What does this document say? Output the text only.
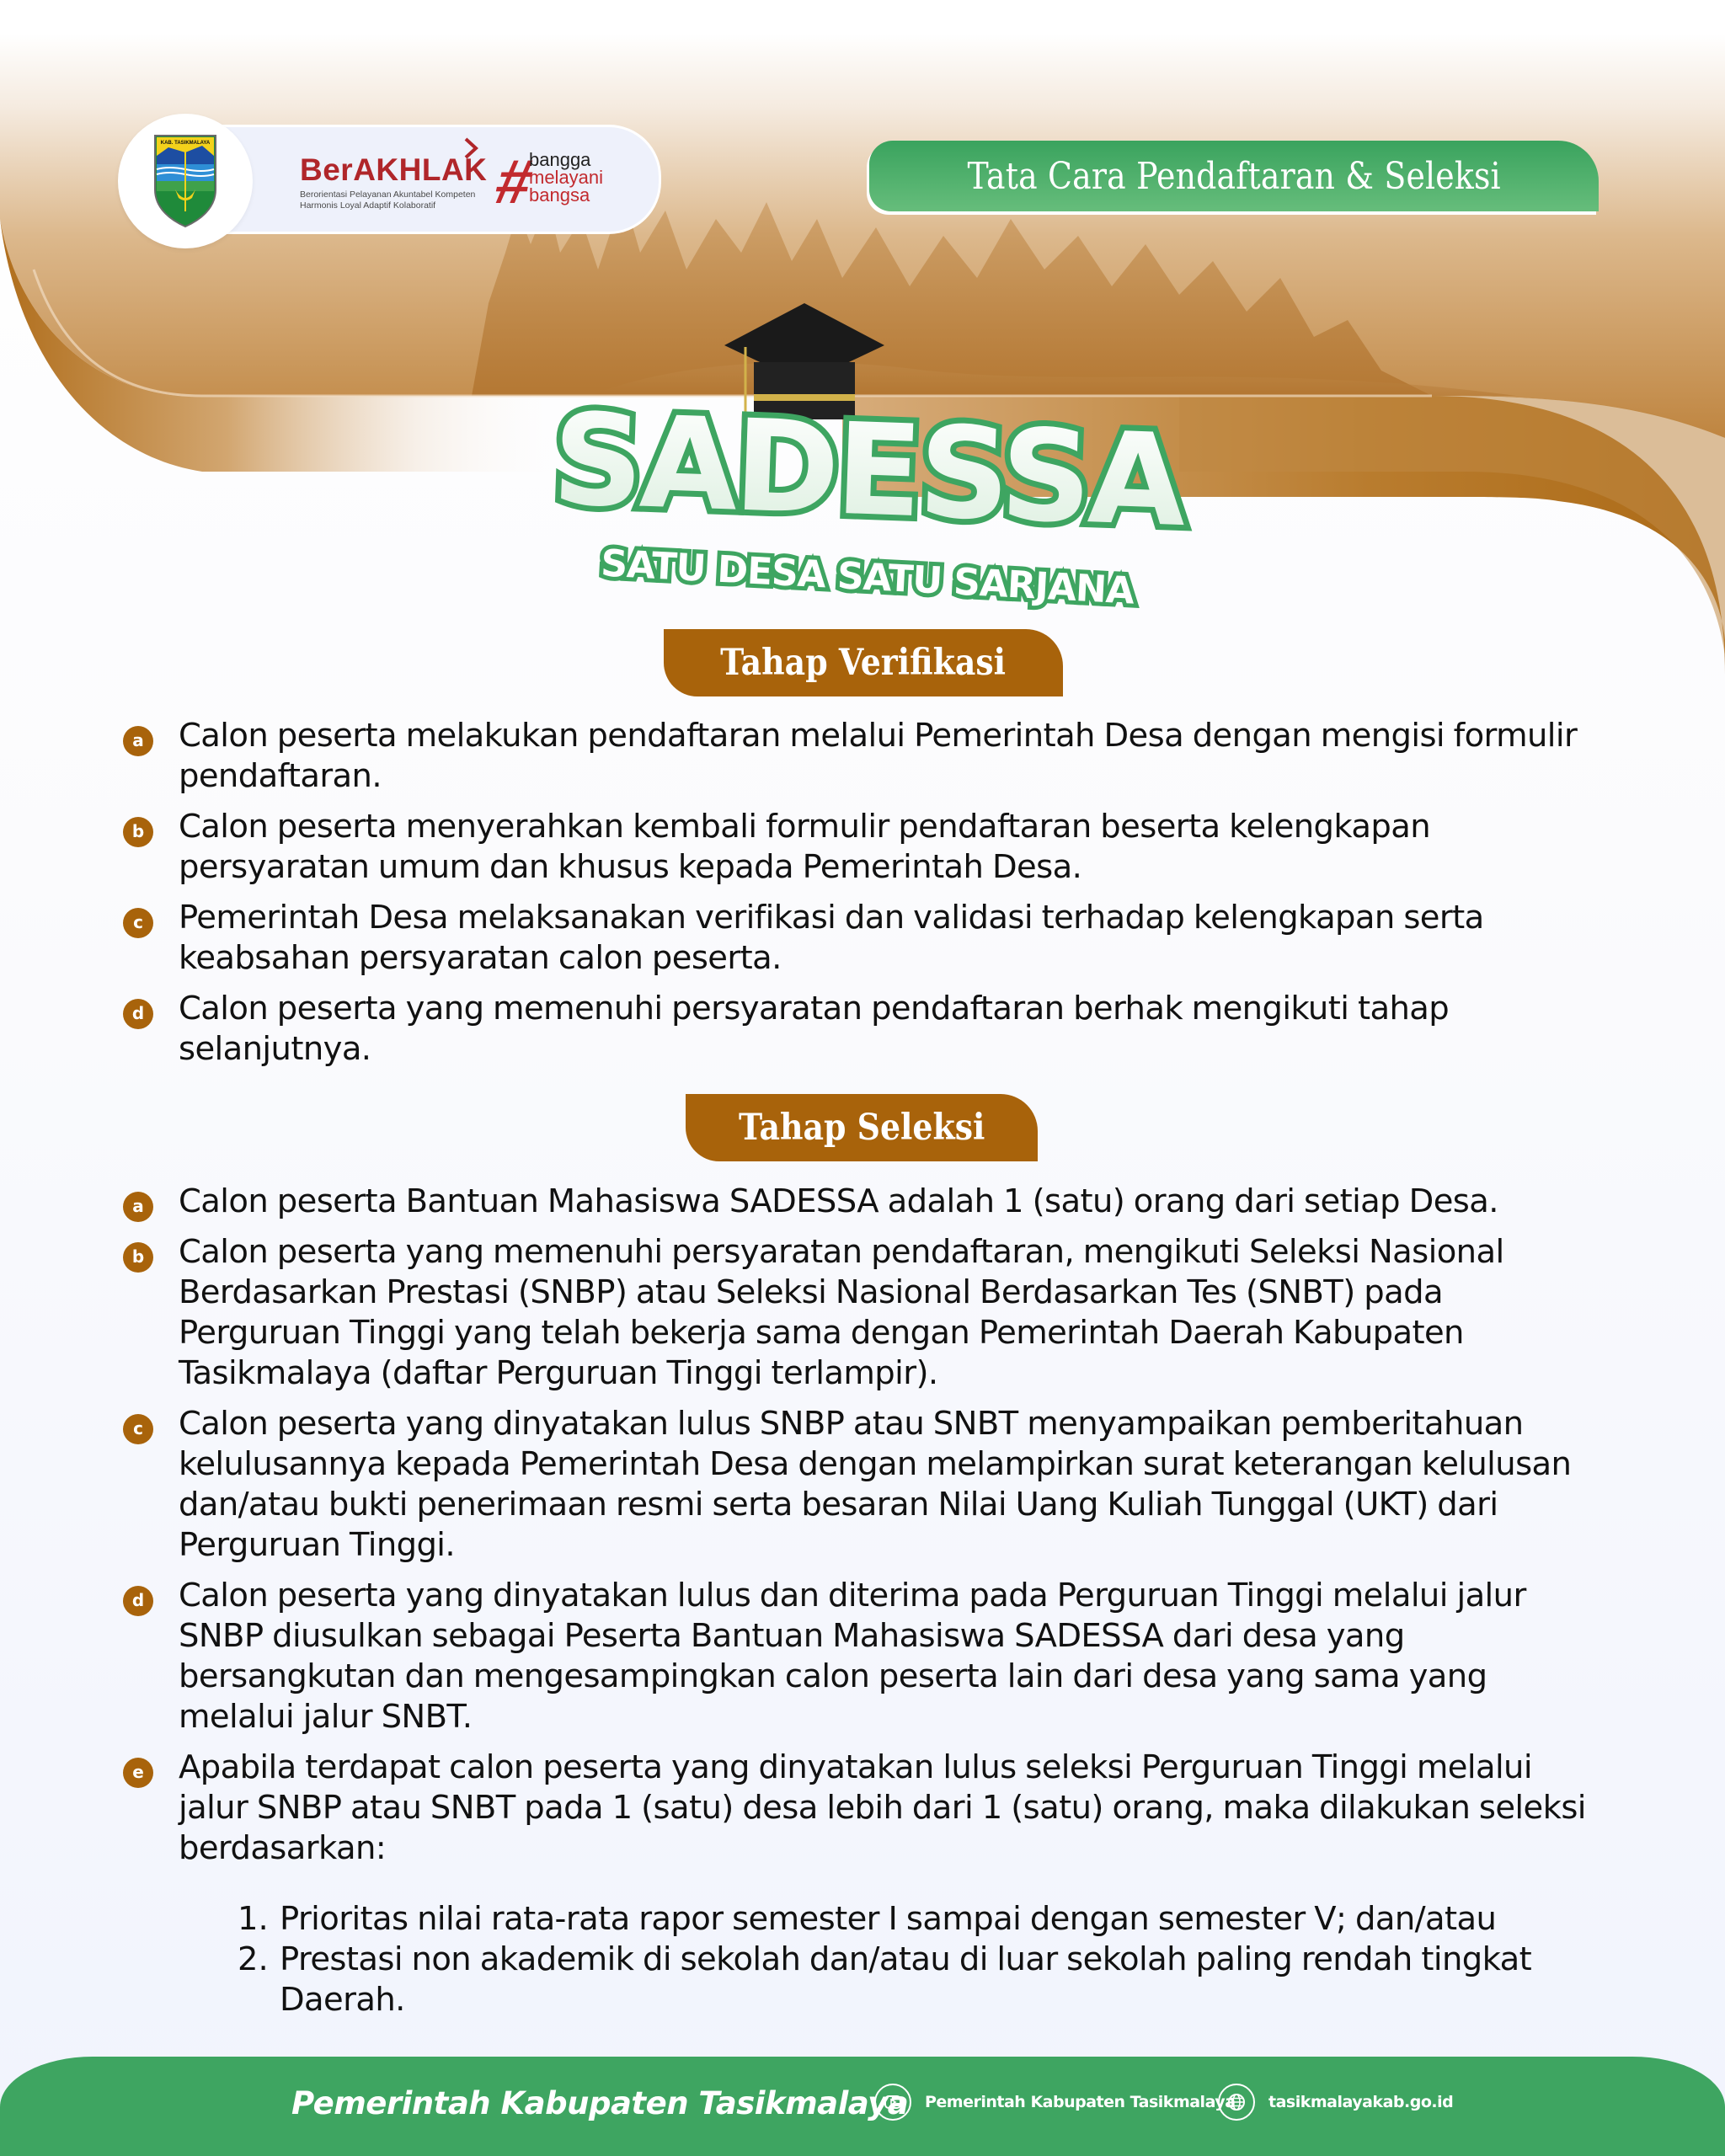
BerAKHLAK
Berorientasi Pelayanan Akuntabel Kompeten
Harmonis Loyal Adaptif Kolaboratif #
bangga
melayani
bangsa
KAB. TASIKMALAYA
Tata Cara Pendaftaran & Seleksi
SADESSA
SATU DESA SATU SARJANA
Tahap Verifikasi
a Calon peserta melakukan pendaftaran melalui Pemerintah Desa dengan mengisi formulir pendaftaran.
b Calon peserta menyerahkan kembali formulir pendaftaran beserta kelengkapan persyaratan umum dan khusus kepada Pemerintah Desa.
c	Pemerintah Desa melaksanakan verifikasi dan validasi terhadap kelengkapan serta keabsahan persyaratan calon peserta.
d Calon peserta yang memenuhi persyaratan pendaftaran berhak mengikuti tahap selanjutnya.
Tahap Seleksi
a Calon peserta Bantuan Mahasiswa SADESSA adalah 1 (satu) orang dari setiap Desa.
b Calon peserta yang memenuhi persyaratan pendaftaran, mengikuti Seleksi Nasional Berdasarkan Prestasi (SNBP) atau Seleksi Nasional Berdasarkan Tes (SNBT) pada Perguruan Tinggi yang telah bekerja sama dengan Pemerintah Daerah Kabupaten Tasikmalaya (daftar Perguruan Tinggi terlampir).
c	Calon peserta yang dinyatakan lulus SNBP atau SNBT menyampaikan pemberitahuan kelulusannya kepada Pemerintah Desa dengan melampirkan surat keterangan kelulusan dan/atau bukti penerimaan resmi serta besaran Nilai Uang Kuliah Tunggal (UKT) dari Perguruan Tinggi.
d Calon peserta yang dinyatakan lulus dan diterima pada Perguruan Tinggi melalui jalur SNBP diusulkan sebagai Peserta Bantuan Mahasiswa SADESSA dari desa yang bersangkutan dan mengesampingkan calon peserta lain dari desa yang sama yang melalui jalur SNBT.
e Apabila terdapat calon peserta yang dinyatakan lulus seleksi Perguruan Tinggi melalui jalur SNBP atau SNBT pada 1 (satu) desa lebih dari 1 (satu) orang, maka dilakukan seleksi berdasarkan:
1. Prioritas nilai rata-rata rapor semester I sampai dengan semester V; dan/atau
2. Prestasi non akademik di sekolah dan/atau di luar sekolah paling rendah tingkat Daerah.
Pemerintah Kabupaten Tasikmalaya Pemerintah Kabupaten Tasikmalaya tasikmalayakab.go.id
